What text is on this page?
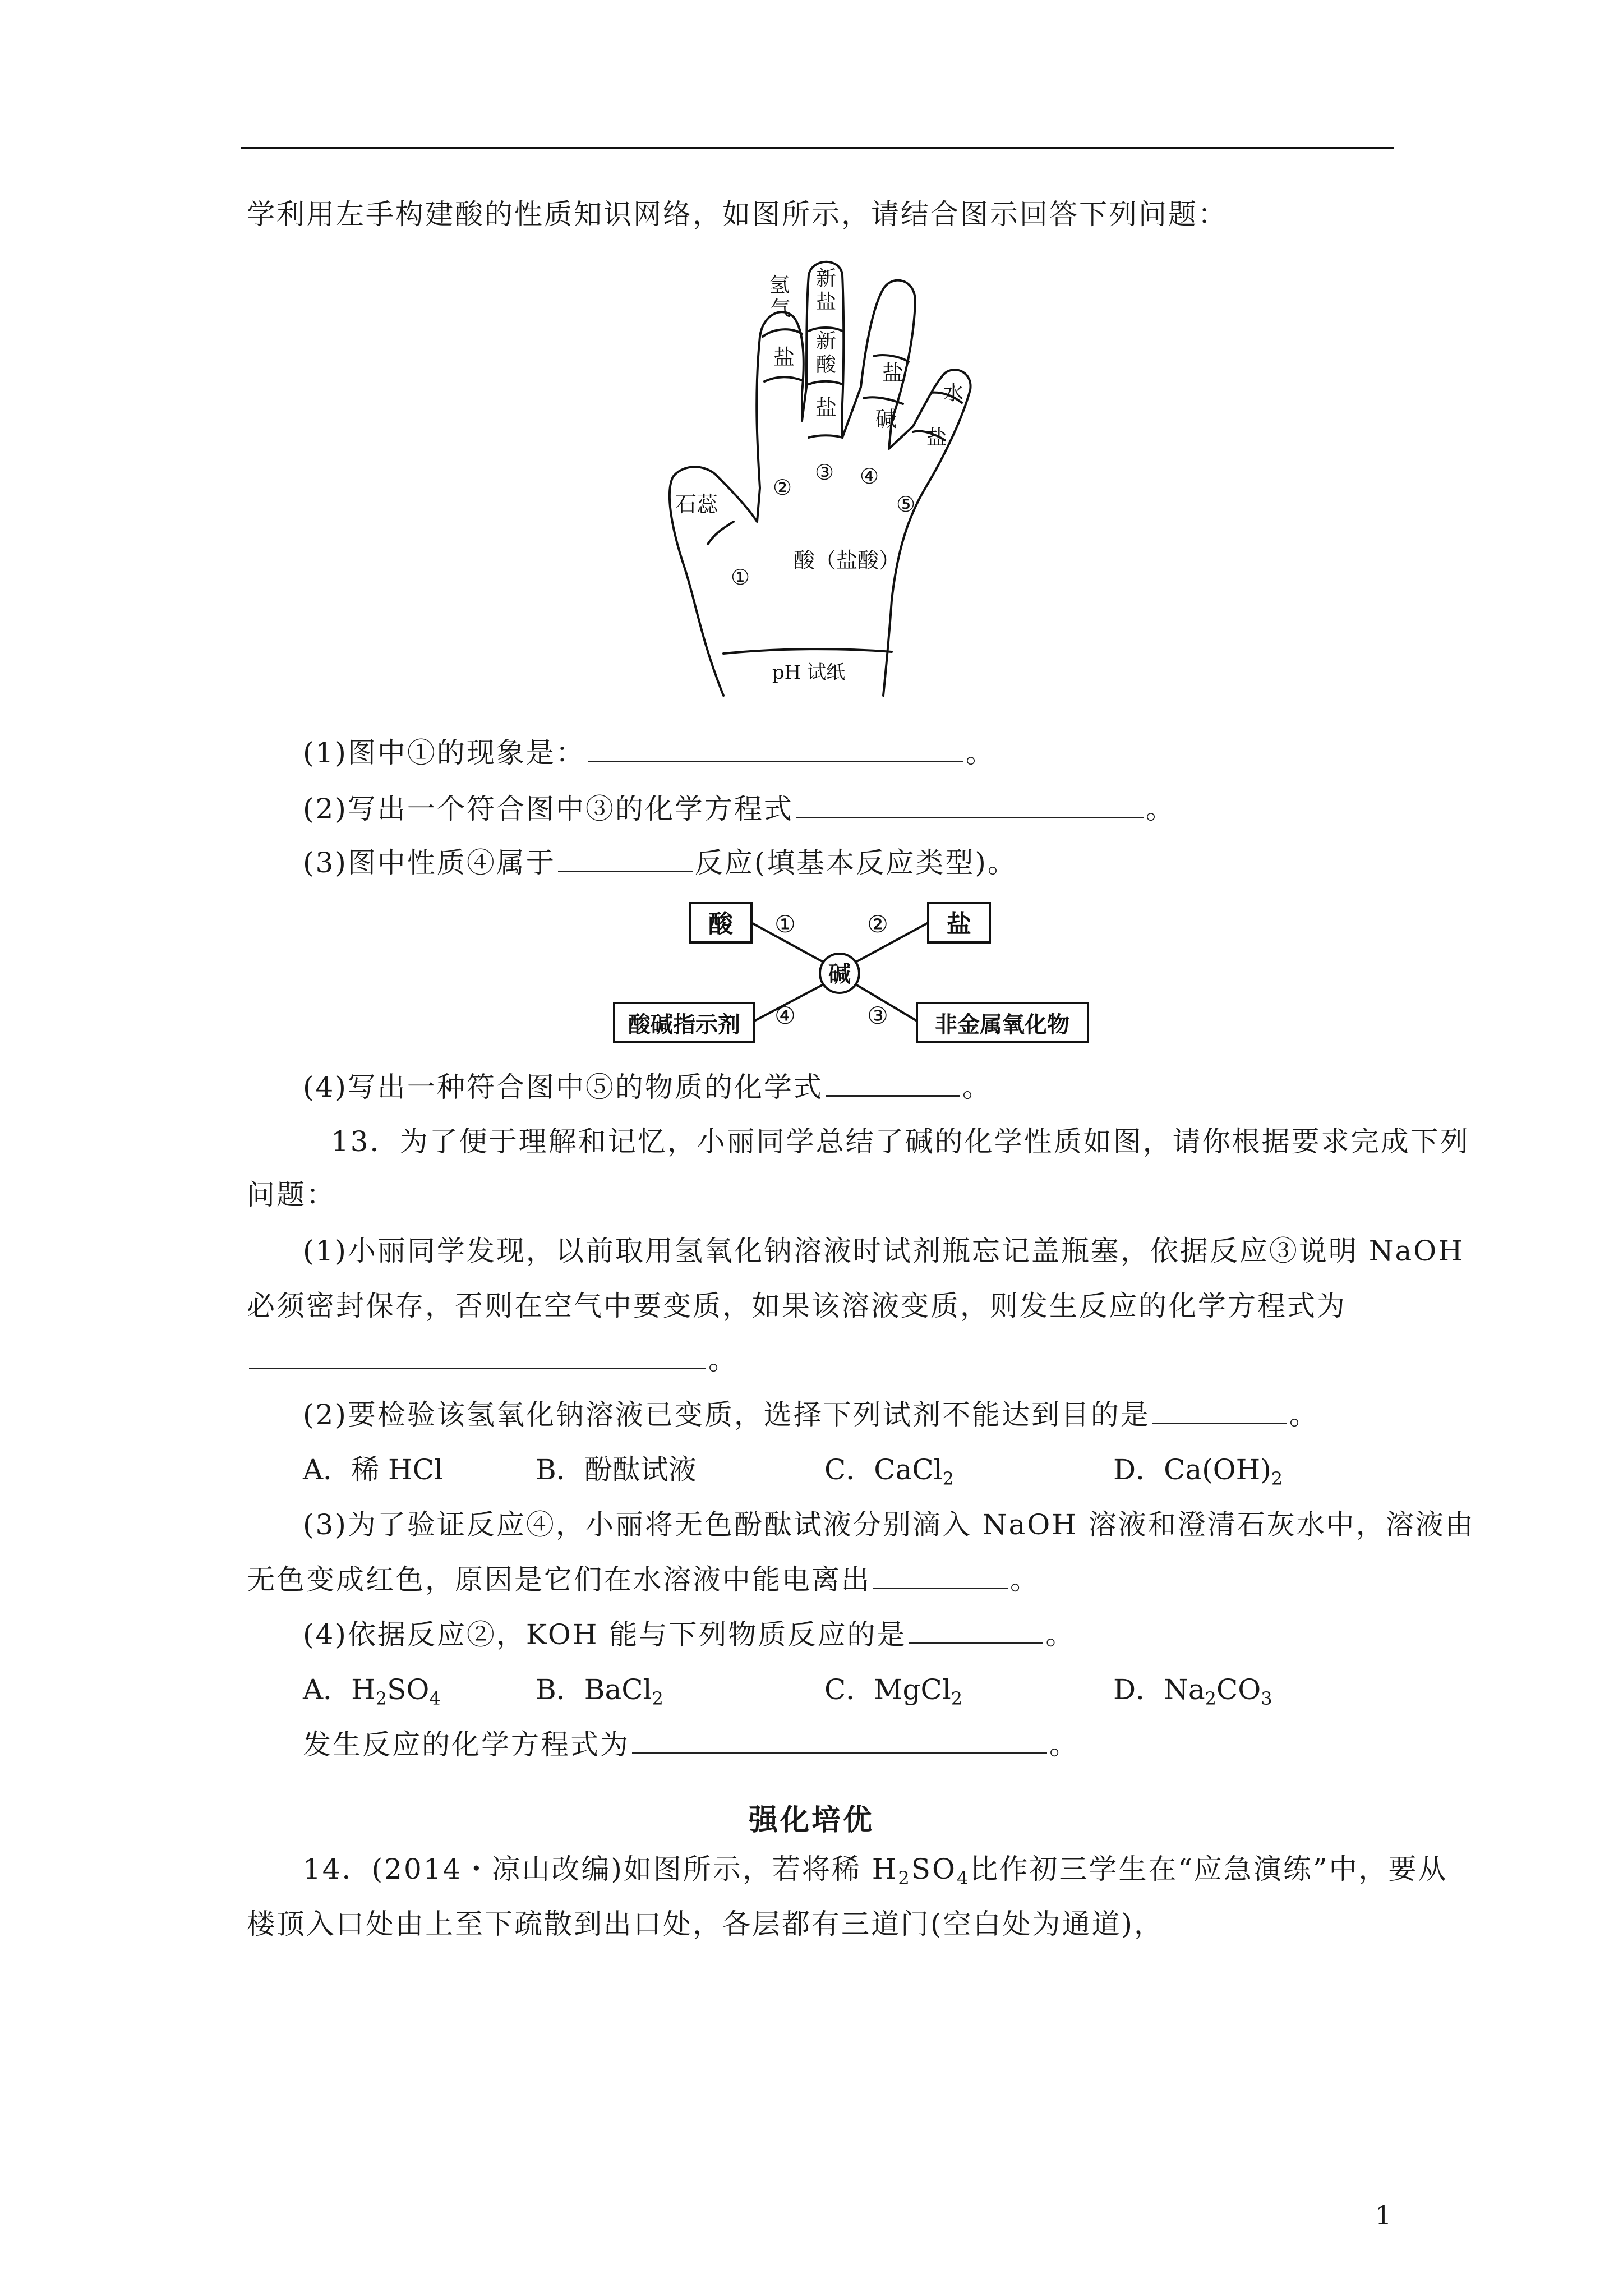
学利用左手构建酸的性质知识网络，如图所示，请结合图示回答下列问题：
石蕊
氢
气
盐
新
盐
新
酸
盐
盐
碱
水
盐
①
②
③ ④
⑤
酸（盐酸）
pH 试纸
(1)图中①的现象是：	。
(2)写出一个符合图中③的化学方程式	。
(3)图中性质④属于	反应(填基本反应类型)。
酸	盐
酸碱指示剂	非金属氧化物
碱
①	②
④	③
(4)写出一种符合图中⑤的物质的化学式	。
13．为了便于理解和记忆，小丽同学总结了碱的化学性质如图，请你根据要求完成下列
问题：
(1)小丽同学发现，以前取用氢氧化钠溶液时试剂瓶忘记盖瓶塞，依据反应③说明 NaOH
必须密封保存，否则在空气中要变质，如果该溶液变质，则发生反应的化学方程式为
。
(2)要检验该氢氧化钠溶液已变质，选择下列试剂不能达到目的是	。
A．稀 HCl	B．酚酞试液	C．CaCl$_2$	D．$Ca(OH)_2$
(3)为了验证反应④，小丽将无色酚酞试液分别滴入 NaOH 溶液和澄清石灰水中，溶液由
无色变成红色，原因是它们在水溶液中能电离出	。
(4)依据反应②，KOH 能与下列物质反应的是	。
A．$H_2SO_4$	B．BaCl$_2$	C．MgCl$_2$	D．$Na_2CO_3$
发生反应的化学方程式为	。
强化培优
14．(2014・凉山改编)如图所示，若将稀 $H_2SO_4$比作初三学生在“应急演练”中，要从
楼顶入口处由上至下疏散到出口处，各层都有三道门(空白处为通道)，
1
